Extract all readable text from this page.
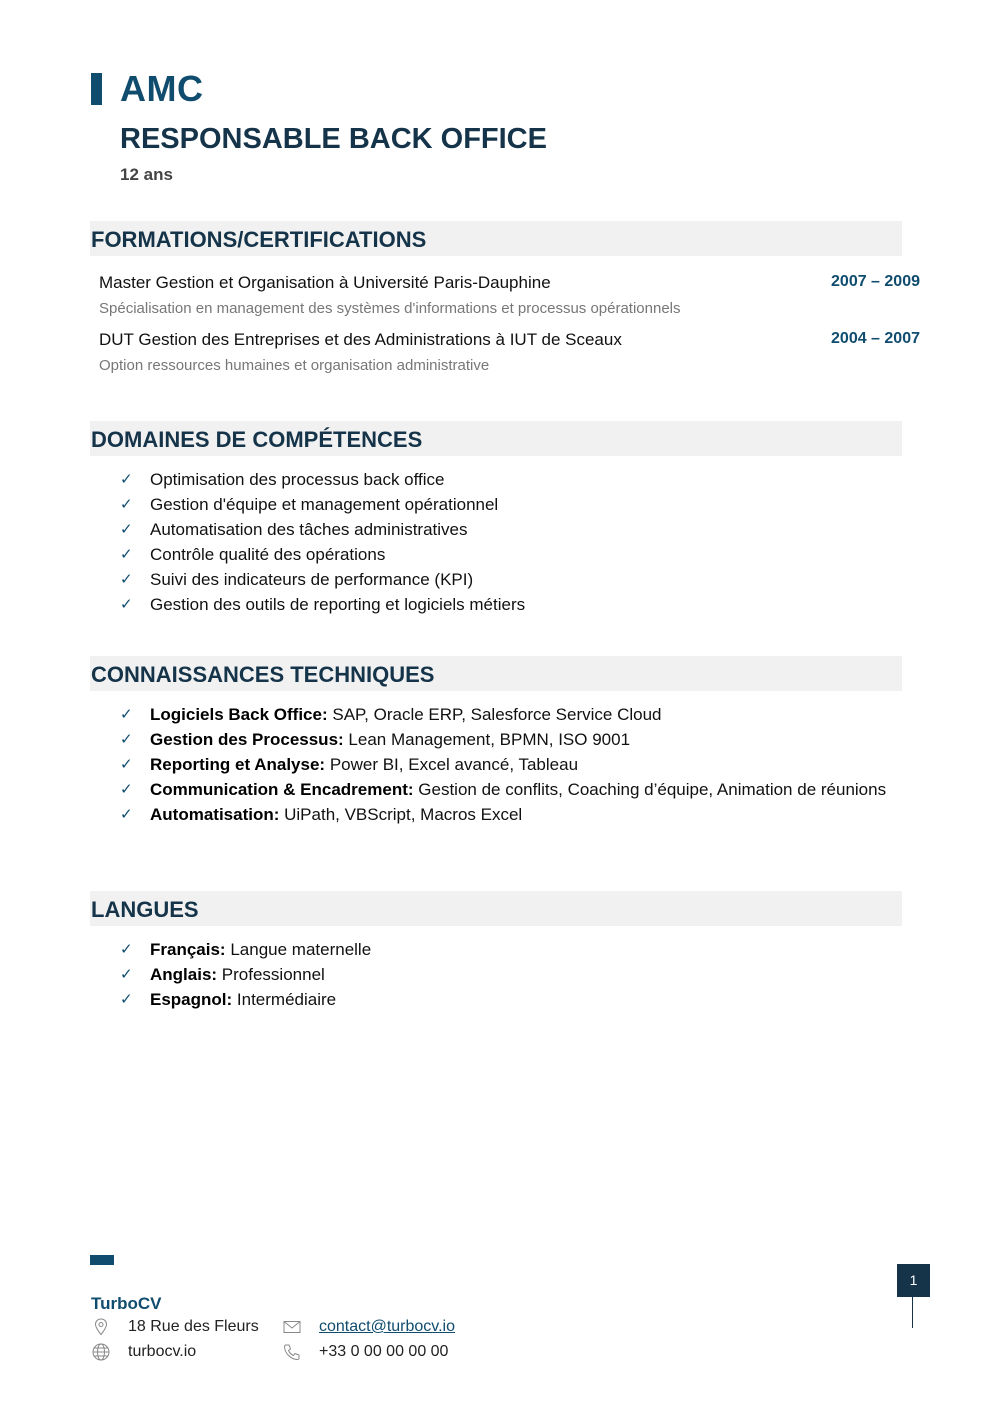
AMC
RESPONSABLE BACK OFFICE
12 ans
FORMATIONS/CERTIFICATIONS
Master Gestion et Organisation à Université Paris-Dauphine	2007 – 2009
Spécialisation en management des systèmes d'informations et processus opérationnels
DUT Gestion des Entreprises et des Administrations à IUT de Sceaux	2004 – 2007
Option ressources humaines et organisation administrative
DOMAINES DE COMPÉTENCES
✓ Optimisation des processus back office
✓ Gestion d'équipe et management opérationnel
✓ Automatisation des tâches administratives
✓ Contrôle qualité des opérations
✓ Suivi des indicateurs de performance (KPI)
✓ Gestion des outils de reporting et logiciels métiers
CONNAISSANCES TECHNIQUES
✓ Logiciels Back Office: SAP, Oracle ERP, Salesforce Service Cloud
✓ Gestion des Processus: Lean Management, BPMN, ISO 9001
✓ Reporting et Analyse: Power BI, Excel avancé, Tableau
✓ Communication & Encadrement: Gestion de conflits, Coaching d’équipe, Animation de réunions
✓ Automatisation: UiPath, VBScript, Macros Excel
LANGUES
✓ Français: Langue maternelle
✓ Anglais: Professionnel
✓ Espagnol: Intermédiaire
TurboCV
18 Rue des Fleurs
turbocv.io
contact@turbocv.io
+33 0 00 00 00 00
1
